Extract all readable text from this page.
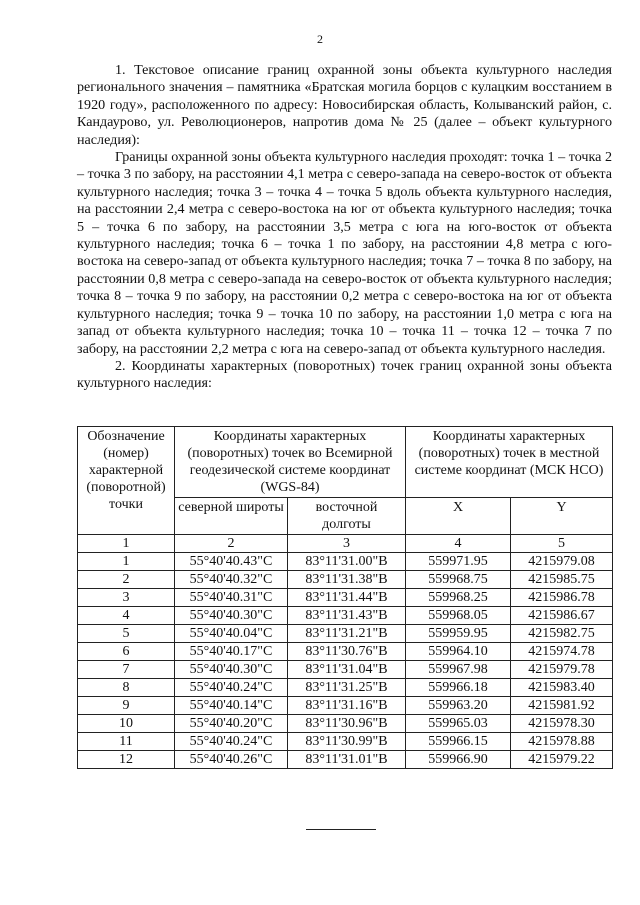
2

1. Текстовое описание границ охранной зоны объекта культурного наследия регионального значения – памятника «Братская могила борцов с кулацким восстанием в 1920 году», расположенного по адресу: Новосибирская область, Колыванский район, с. Кандаурово, ул. Революционеров, напротив дома № 25 (далее – объект культурного наследия):

Границы охранной зоны объекта культурного наследия проходят: точка 1 – точка 2 – точка 3 по забору, на расстоянии 4,1 метра с северо-запада на северо-восток от объекта культурного наследия; точка 3 – точка 4 – точка 5 вдоль объекта культурного наследия, на расстоянии 2,4 метра с северо-востока на юг от объекта культурного наследия; точка 5 – точка 6 по забору, на расстоянии 3,5 метра с юга на юго-восток от объекта культурного наследия; точка 6 – точка 1 по забору, на расстоянии 4,8 метра с юго-востока на северо-запад от объекта культурного наследия; точка 7 – точка 8 по забору, на расстоянии 0,8 метра с северо-запада на северо-восток от объекта культурного наследия; точка 8 – точка 9 по забору, на расстоянии 0,2 метра с северо-востока на юг от объекта культурного наследия; точка 9 – точка 10 по забору, на расстоянии 1,0 метра с юга на запад от объекта культурного наследия; точка 10 – точка 11 – точка 12 – точка 7 по забору, на расстоянии 2,2 метра с юга на северо-запад от объекта культурного наследия.

2. Координаты характерных (поворотных) точек границ охранной зоны объекта культурного наследия:

Обозначение (номер) характерной (поворотной) точки	Координаты характерных (поворотных) точек во Всемирной геодезической системе координат (WGS-84)		Координаты характерных (поворотных) точек в местной системе координат (МСК НСО)	
	северной широты	восточной долготы	X	Y
1	2	3	4	5
1	55°40'40.43"С	83°11'31.00"В	559971.95	4215979.08
2	55°40'40.32"С	83°11'31.38"В	559968.75	4215985.75
3	55°40'40.31"С	83°11'31.44"В	559968.25	4215986.78
4	55°40'40.30"С	83°11'31.43"В	559968.05	4215986.67
5	55°40'40.04"С	83°11'31.21"В	559959.95	4215982.75
6	55°40'40.17"С	83°11'30.76"В	559964.10	4215974.78
7	55°40'40.30"С	83°11'31.04"В	559967.98	4215979.78
8	55°40'40.24"С	83°11'31.25"В	559966.18	4215983.40
9	55°40'40.14"С	83°11'31.16"В	559963.20	4215981.92
10	55°40'40.20"С	83°11'30.96"В	559965.03	4215978.30
11	55°40'40.24"С	83°11'30.99"В	559966.15	4215978.88
12	55°40'40.26"С	83°11'31.01"В	559966.90	4215979.22
